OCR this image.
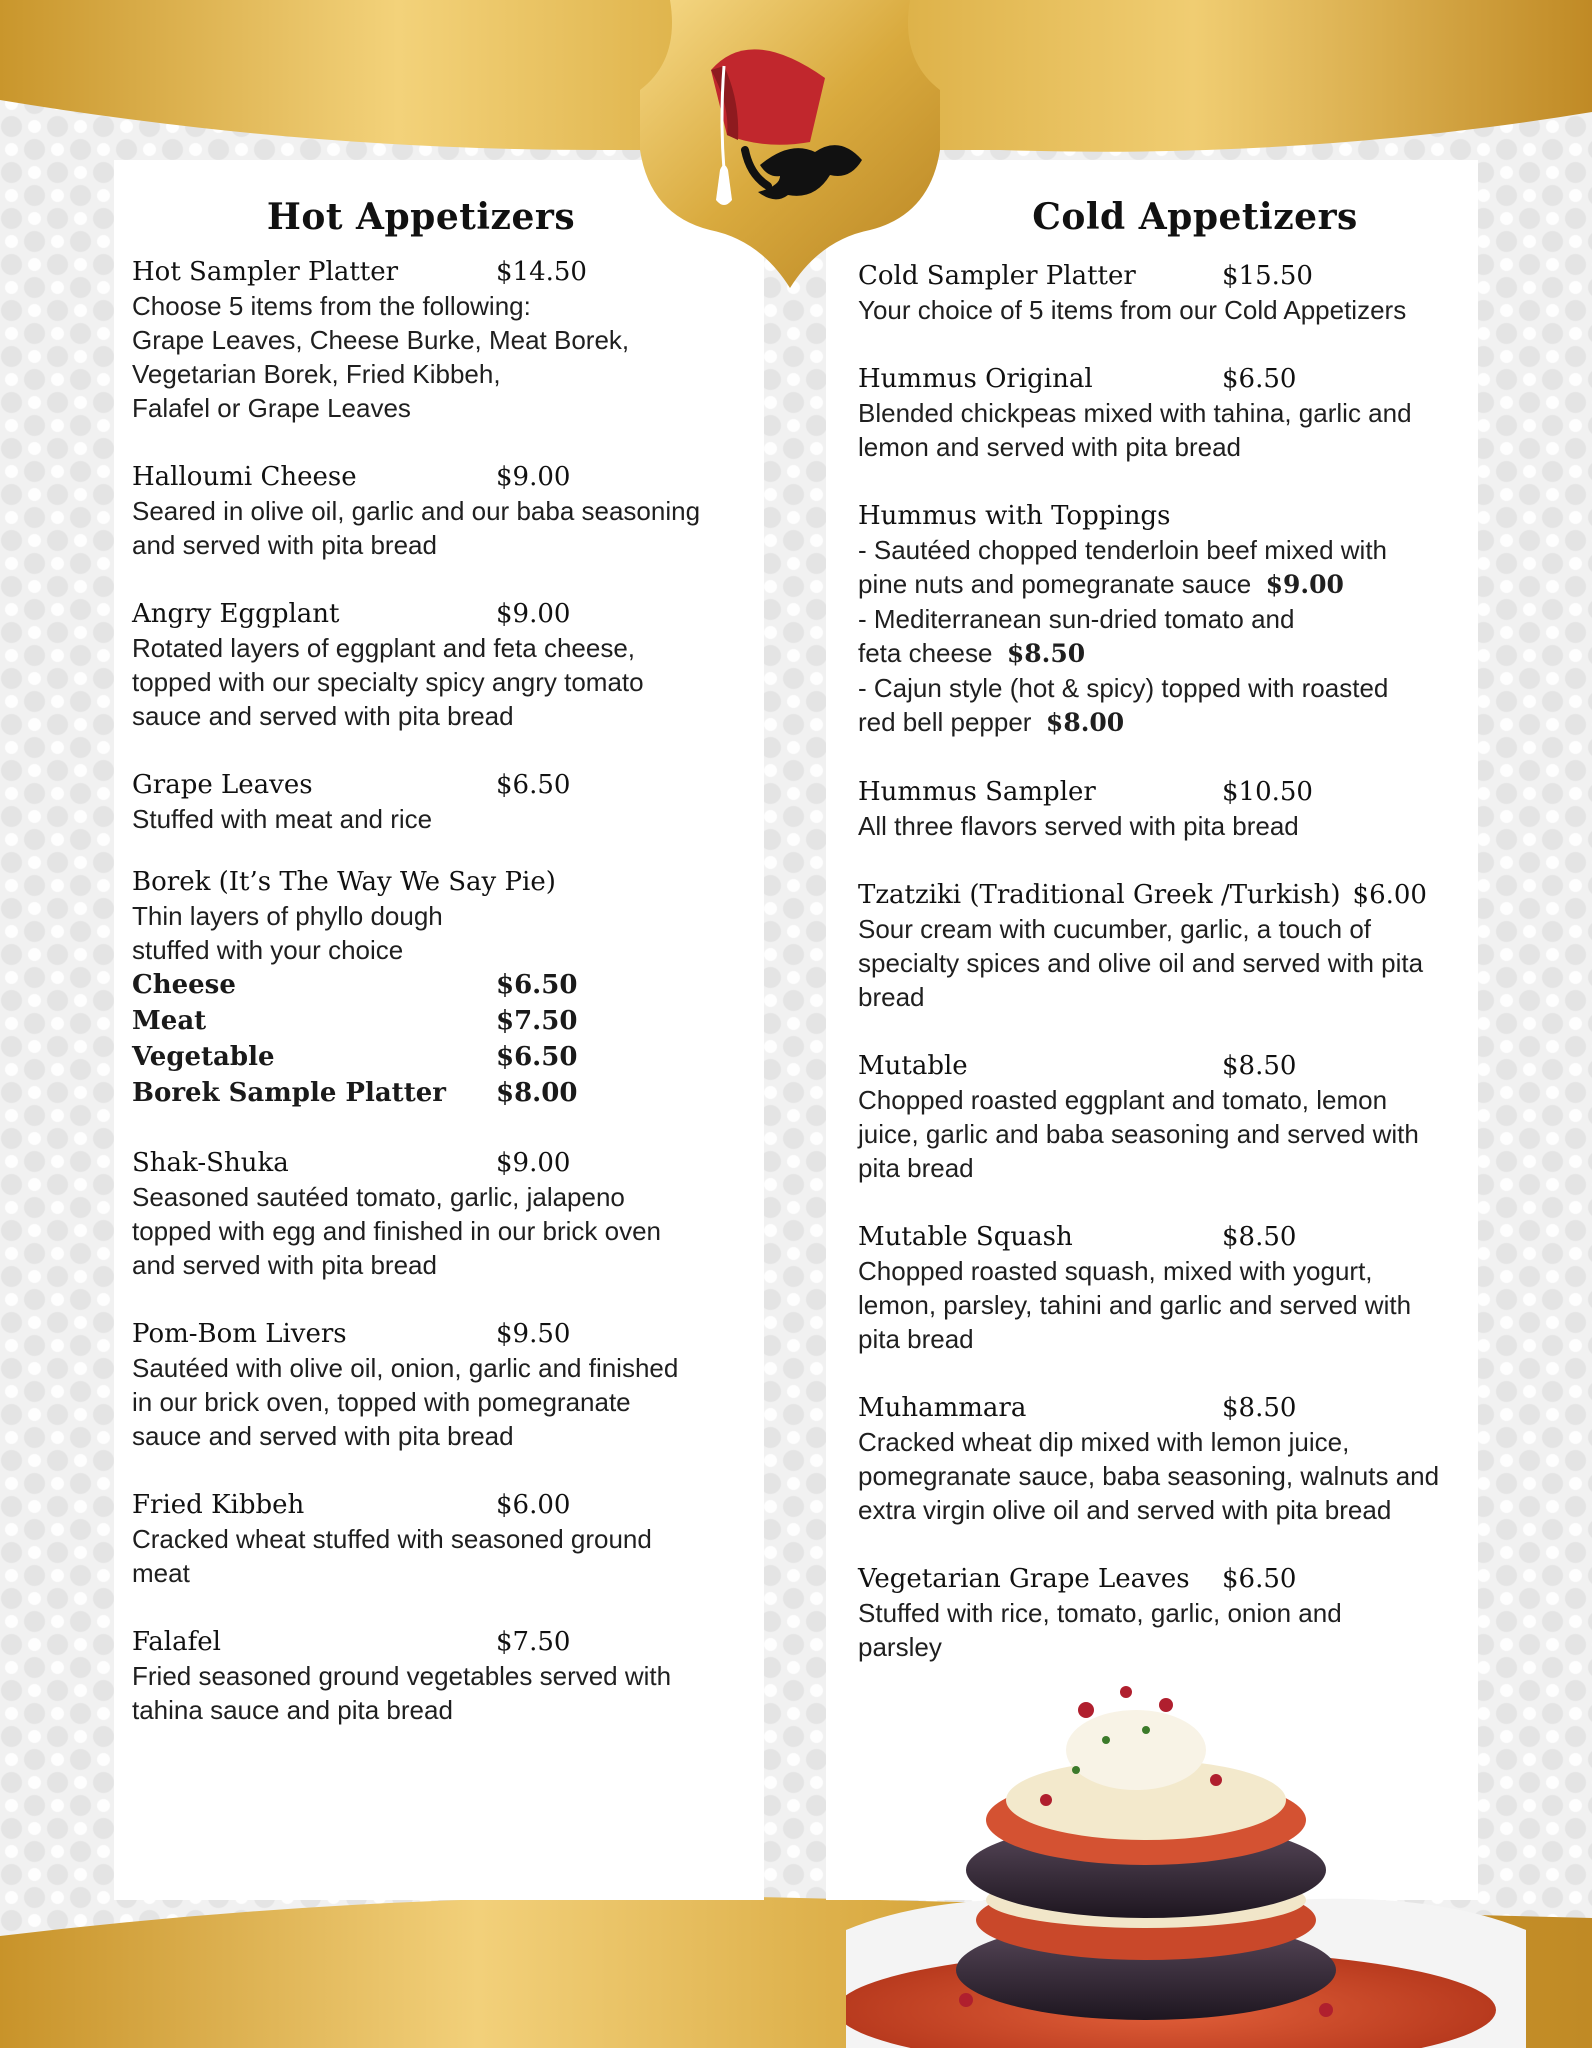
Hot Appetizers	Cold Appetizers
Hot Sampler Platter	$14.50

Choose 5 items from the following:
Grape Leaves, Cheese Burke, Meat Borek,
Vegetarian Borek, Fried Kibbeh,
Falafel or Grape Leaves

Halloumi Cheese	$9.00

Seared in olive oil, garlic and our baba seasoning
and served with pita bread

Angry Eggplant	$9.00

Rotated layers of eggplant and feta cheese,
topped with our specialty spicy angry tomato
sauce and served with pita bread

Grape Leaves	$6.50

Stuffed with meat and rice

Borek (It’s The Way We Say Pie)

Thin layers of phyllo dough
stuffed with your choice

Cheese	$6.50
Meat	$7.50
Vegetable	$6.50
Borek Sample Platter	$8.00
Shak-Shuka	$9.00

Seasoned sautéed tomato, garlic, jalapeno
topped with egg and finished in our brick oven
and served with pita bread

Pom-Bom Livers	$9.50

Sautéed with olive oil, onion, garlic and finished
in our brick oven, topped with pomegranate
sauce and served with pita bread

Fried Kibbeh	$6.00

Cracked wheat stuffed with seasoned ground
meat

Falafel	$7.50

Fried seasoned ground vegetables served with
tahina sauce and pita bread

Cold Sampler Platter	$15.50

Your choice of 5 items from our Cold Appetizers

Hummus Original	$6.50

Blended chickpeas mixed with tahina, garlic and
lemon and served with pita bread

Hummus with Toppings

- Sautéed chopped tenderloin beef mixed with

pine nuts and pomegranate sauce $9.00

- Mediterranean sun-dried tomato and

feta cheese $8.50

- Cajun style (hot & spicy) topped with roasted

red bell pepper $8.00

Hummus Sampler	$10.50

All three flavors served with pita bread

Tzatziki (Traditional Greek /Turkish) $6.00

Sour cream with cucumber, garlic, a touch of
specialty spices and olive oil and served with pita
bread

Mutable	$8.50

Chopped roasted eggplant and tomato, lemon
juice, garlic and baba seasoning and served with
pita bread

Mutable Squash	$8.50

Chopped roasted squash, mixed with yogurt,
lemon, parsley, tahini and garlic and served with
pita bread

Muhammara	$8.50

Cracked wheat dip mixed with lemon juice,
pomegranate sauce, baba seasoning, walnuts and
extra virgin olive oil and served with pita bread

Vegetarian Grape Leaves	$6.50

Stuffed with rice, tomato, garlic, onion and
parsley
